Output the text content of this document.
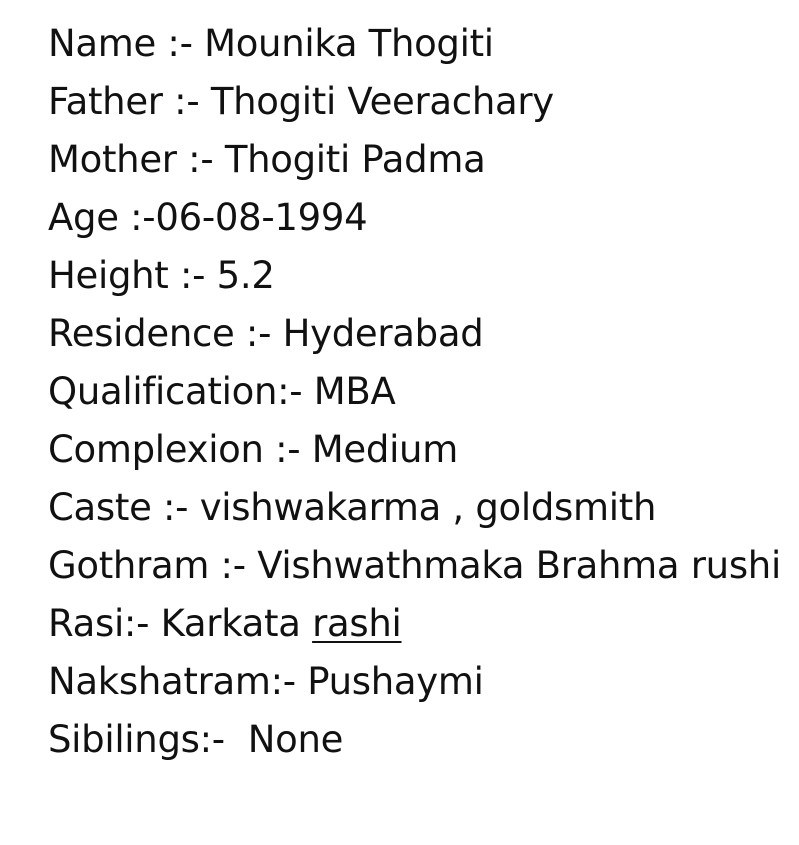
Name :- Mounika Thogiti
Father :- Thogiti Veerachary
Mother :- Thogiti Padma
Age :-06-08-1994
Height :- 5.2
Residence :- Hyderabad
Qualification:- MBA
Complexion :- Medium
Caste :- vishwakarma , goldsmith
Gothram :- Vishwathmaka Brahma rushi
Rasi:- Karkata rashi
Nakshatram:- Pushaymi
Sibilings:-  None
